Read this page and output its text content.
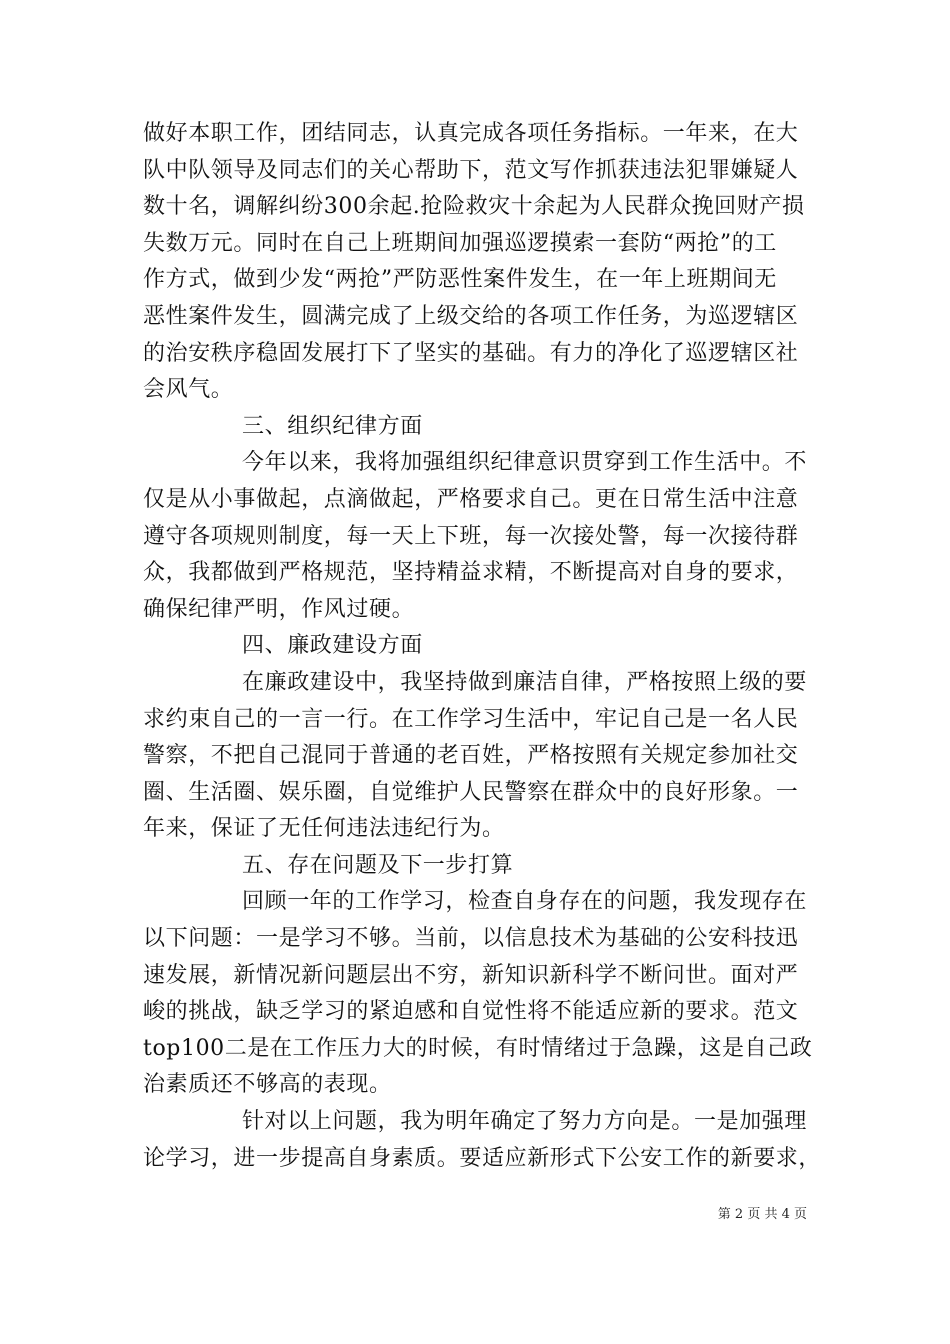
做好本职工作，团结同志，认真完成各项任务指标。一年来，在大
队中队领导及同志们的关心帮助下，范文写作抓获违法犯罪嫌疑人
数十名，调解纠纷300余起.抢险救灾十余起为人民群众挽回财产损
失数万元。同时在自己上班期间加强巡逻摸索一套防“两抢”的工
作方式，做到少发“两抢”严防恶性案件发生，在一年上班期间无
恶性案件发生，圆满完成了上级交给的各项工作任务，为巡逻辖区
的治安秩序稳固发展打下了坚实的基础。有力的净化了巡逻辖区社
会风气。
三、组织纪律方面
今年以来，我将加强组织纪律意识贯穿到工作生活中。不
仅是从小事做起，点滴做起，严格要求自己。更在日常生活中注意
遵守各项规则制度，每一天上下班，每一次接处警，每一次接待群
众，我都做到严格规范，坚持精益求精，不断提高对自身的要求，
确保纪律严明，作风过硬。
四、廉政建设方面
在廉政建设中，我坚持做到廉洁自律，严格按照上级的要
求约束自己的一言一行。在工作学习生活中，牢记自己是一名人民
警察，不把自己混同于普通的老百姓，严格按照有关规定参加社交
圈、生活圈、娱乐圈，自觉维护人民警察在群众中的良好形象。一
年来，保证了无任何违法违纪行为。
五、存在问题及下一步打算
回顾一年的工作学习，检查自身存在的问题，我发现存在
以下问题：一是学习不够。当前，以信息技术为基础的公安科技迅
速发展，新情况新问题层出不穷，新知识新科学不断问世。面对严
峻的挑战，缺乏学习的紧迫感和自觉性将不能适应新的要求。范文
top100二是在工作压力大的时候，有时情绪过于急躁，这是自己政
治素质还不够高的表现。
针对以上问题，我为明年确定了努力方向是。一是加强理
论学习，进一步提高自身素质。要适应新形式下公安工作的新要求，
第 2 页 共 4 页
